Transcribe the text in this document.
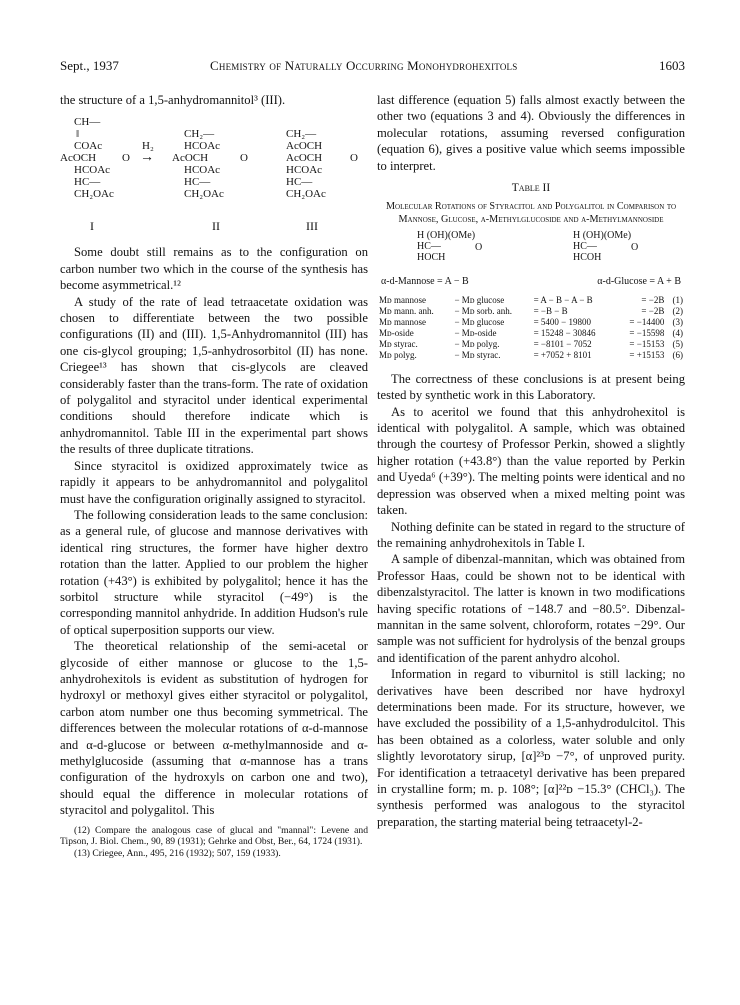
Sept., 1937	Chemistry of Naturally Occurring Monohydrohexitols	1603

the structure of a 1,5-anhydromannitol³ (III).

CH—
‖
COAc
AcOCH
HCOAc
HC—
CH₂OAc
O
I
H₂
→
CH₂—
HCOAc
AcOCH
HCOAc
HC—
CH₂OAc
O
II
CH₂—
AcOCH
AcOCH
HCOAc
HC—
CH₂OAc
O
III

Some doubt still remains as to the configuration on carbon number two which in the course of the synthesis has become asymmetrical.¹²

A study of the rate of lead tetraacetate oxidation was chosen to differentiate between the two possible configurations (II) and (III). 1,5-Anhydromannitol (III) has one cis-glycol grouping; 1,5-anhydrosorbitol (II) has none. Criegee¹³ has shown that cis-glycols are cleaved considerably faster than the trans-form. The rate of oxidation of polygalitol and styracitol under identical experimental conditions should therefore indicate which is anhydromannitol. Table III in the experimental part shows the results of three duplicate titrations.

Since styracitol is oxidized approximately twice as rapidly it appears to be anhydromannitol and polygalitol must have the configuration originally assigned to styracitol.

The following consideration leads to the same conclusion: as a general rule, of glucose and mannose derivatives with identical ring structures, the former have higher dextro rotation than the latter. Applied to our problem the higher rotation (+43°) is exhibited by polygalitol; hence it has the sorbitol structure while styracitol (−49°) is the corresponding mannitol anhydride. In addition Hudson's rule of optical superposition supports our view.

The theoretical relationship of the semi-acetal or glycoside of either mannose or glucose to the 1,5-anhydrohexitols is evident as substitution of hydrogen for hydroxyl or methoxyl gives either styracitol or polygalitol, carbon atom number one thus becoming symmetrical. The differences between the molecular rotations of α-d-mannose and α-d-glucose or between α-methylmannoside and α-methylglucoside (assuming that α-mannose has a trans configuration of the hydroxyls on carbon one and two), should equal the difference in molecular rotations of styracitol and polygalitol. This

(12) Compare the analogous case of glucal and "mannal": Levene and Tipson, J. Biol. Chem., 90, 89 (1931); Gehrke and Obst, Ber., 64, 1724 (1931).

(13) Criegee, Ann., 495, 216 (1932); 507, 159 (1933).

last difference (equation 5) falls almost exactly between the other two (equations 3 and 4). Obviously the differences in molecular rotations, assuming reversed configuration (equation 6), gives a positive value which seems impossible to interpret.

Table II
Molecular Rotations of Styracitol and Polygalitol in Comparison to Mannose, Glucose, α-Methylglucoside and α-Methylmannoside
H (OH)(OMe)
HC—
HOCH
O
H (OH)(OMe)
HC—
HCOH
O
α-d-Mannose = A − B	α-d-Glucose = A + B
Mᴅ mannose	− Mᴅ glucose	= A − B − A − B	= −2B	(1)
Mᴅ mann. anh.	− Mᴅ sorb. anh.	= −B − B	= −2B	(2)
Mᴅ mannose	− Mᴅ glucose	= 5400 − 19800	= −14400	(3)
Mᴅ-oside	− Mᴅ-oside	= 15248 − 30846	= −15598	(4)
Mᴅ styrac.	− Mᴅ polyg.	= −8101 − 7052	= −15153	(5)
Mᴅ polyg.	− Mᴅ styrac.	= +7052 + 8101	= +15153	(6)

The correctness of these conclusions is at present being tested by synthetic work in this Laboratory.

As to aceritol we found that this anhydrohexitol is identical with polygalitol. A sample, which was obtained through the courtesy of Professor Perkin, showed a slightly higher rotation (+43.8°) than the value reported by Perkin and Uyeda⁶ (+39°). The melting points were identical and no depression was observed when a mixed melting point was taken.

Nothing definite can be stated in regard to the structure of the remaining anhydrohexitols in Table I.

A sample of dibenzal-mannitan, which was obtained from Professor Haas, could be shown not to be identical with dibenzalstyracitol. The latter is known in two modifications having specific rotations of −148.7 and −80.5°. Dibenzal-mannitan in the same solvent, chloroform, rotates −29°. Our sample was not sufficient for hydrolysis of the benzal groups and identification of the parent anhydro alcohol.

Information in regard to viburnitol is still lacking; no derivatives have been described nor have hydroxyl determinations been made. For its structure, however, we have excluded the possibility of a 1,5-anhydrodulcitol. This has been obtained as a colorless, water soluble and only slightly levorotatory sirup, [α]²³ᴅ −7°, of unproved purity. For identification a tetraacetyl derivative has been prepared in crystalline form; m. p. 108°; [α]²²ᴅ −15.3° (CHCl₃). The synthesis performed was analogous to the styracitol preparation, the starting material being tetraacetyl-2-
